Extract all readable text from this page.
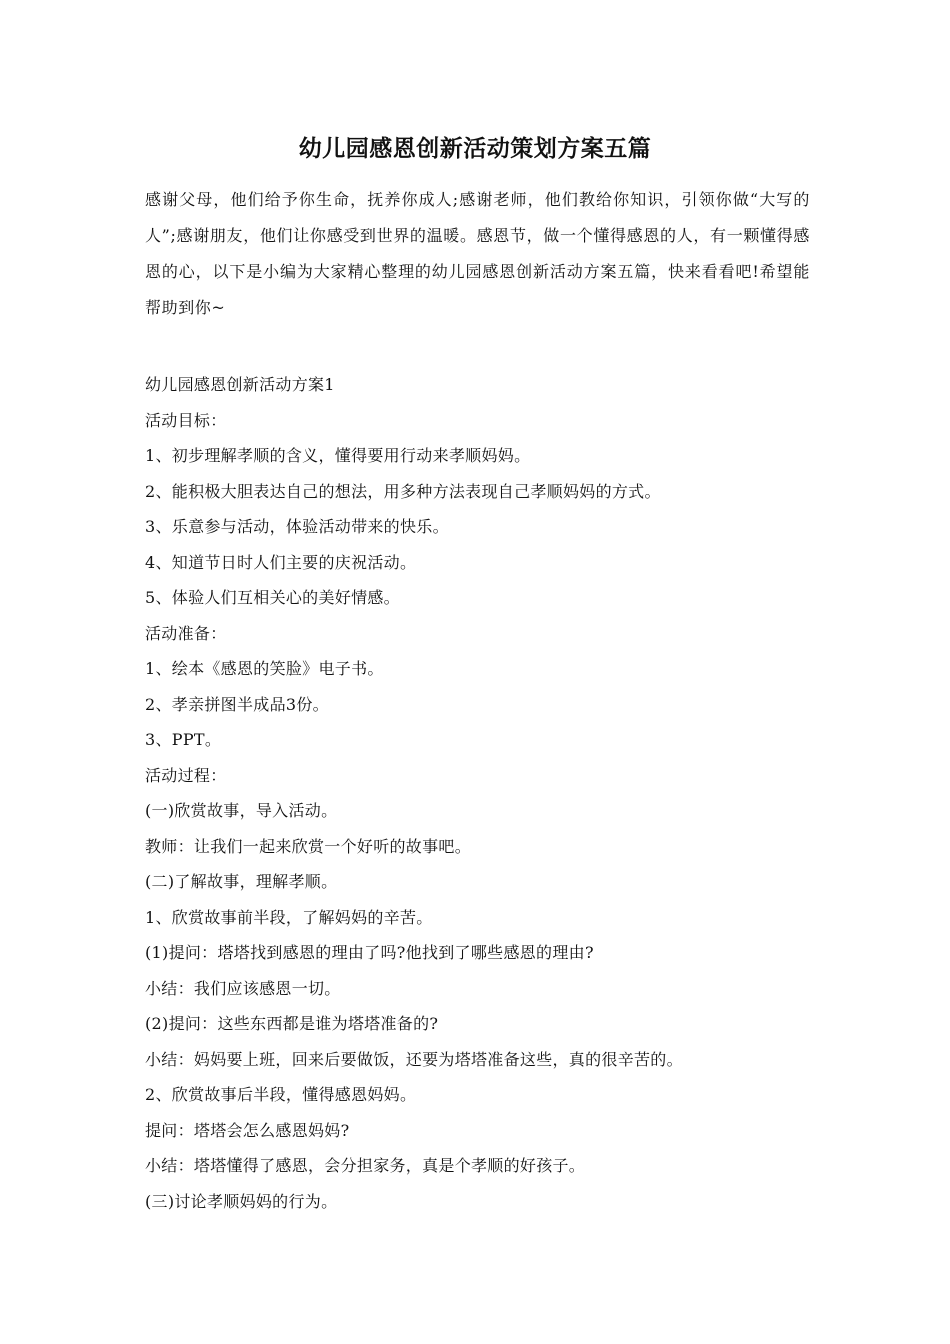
幼儿园感恩创新活动策划方案五篇
感谢父母，他们给予你生命，抚养你成人;感谢老师，他们教给你知识，引领你做“大写的人”;感谢朋友，他们让你感受到世界的温暖。感恩节，做一个懂得感恩的人，有一颗懂得感恩的心，以下是小编为大家精心整理的幼儿园感恩创新活动方案五篇，快来看看吧!希望能帮助到你~
幼儿园感恩创新活动方案1
活动目标：
1、初步理解孝顺的含义，懂得要用行动来孝顺妈妈。
2、能积极大胆表达自己的想法，用多种方法表现自己孝顺妈妈的方式。
3、乐意参与活动，体验活动带来的快乐。
4、知道节日时人们主要的庆祝活动。
5、体验人们互相关心的美好情感。
活动准备：
1、绘本《感恩的笑脸》电子书。
2、孝亲拼图半成品3份。
3、PPT。
活动过程：
(一)欣赏故事，导入活动。
教师：让我们一起来欣赏一个好听的故事吧。
(二)了解故事，理解孝顺。
1、欣赏故事前半段，了解妈妈的辛苦。
(1)提问：塔塔找到感恩的理由了吗?他找到了哪些感恩的理由?
小结：我们应该感恩一切。
(2)提问：这些东西都是谁为塔塔准备的?
小结：妈妈要上班，回来后要做饭，还要为塔塔准备这些，真的很辛苦的。
2、欣赏故事后半段，懂得感恩妈妈。
提问：塔塔会怎么感恩妈妈?
小结：塔塔懂得了感恩，会分担家务，真是个孝顺的好孩子。
(三)讨论孝顺妈妈的行为。
